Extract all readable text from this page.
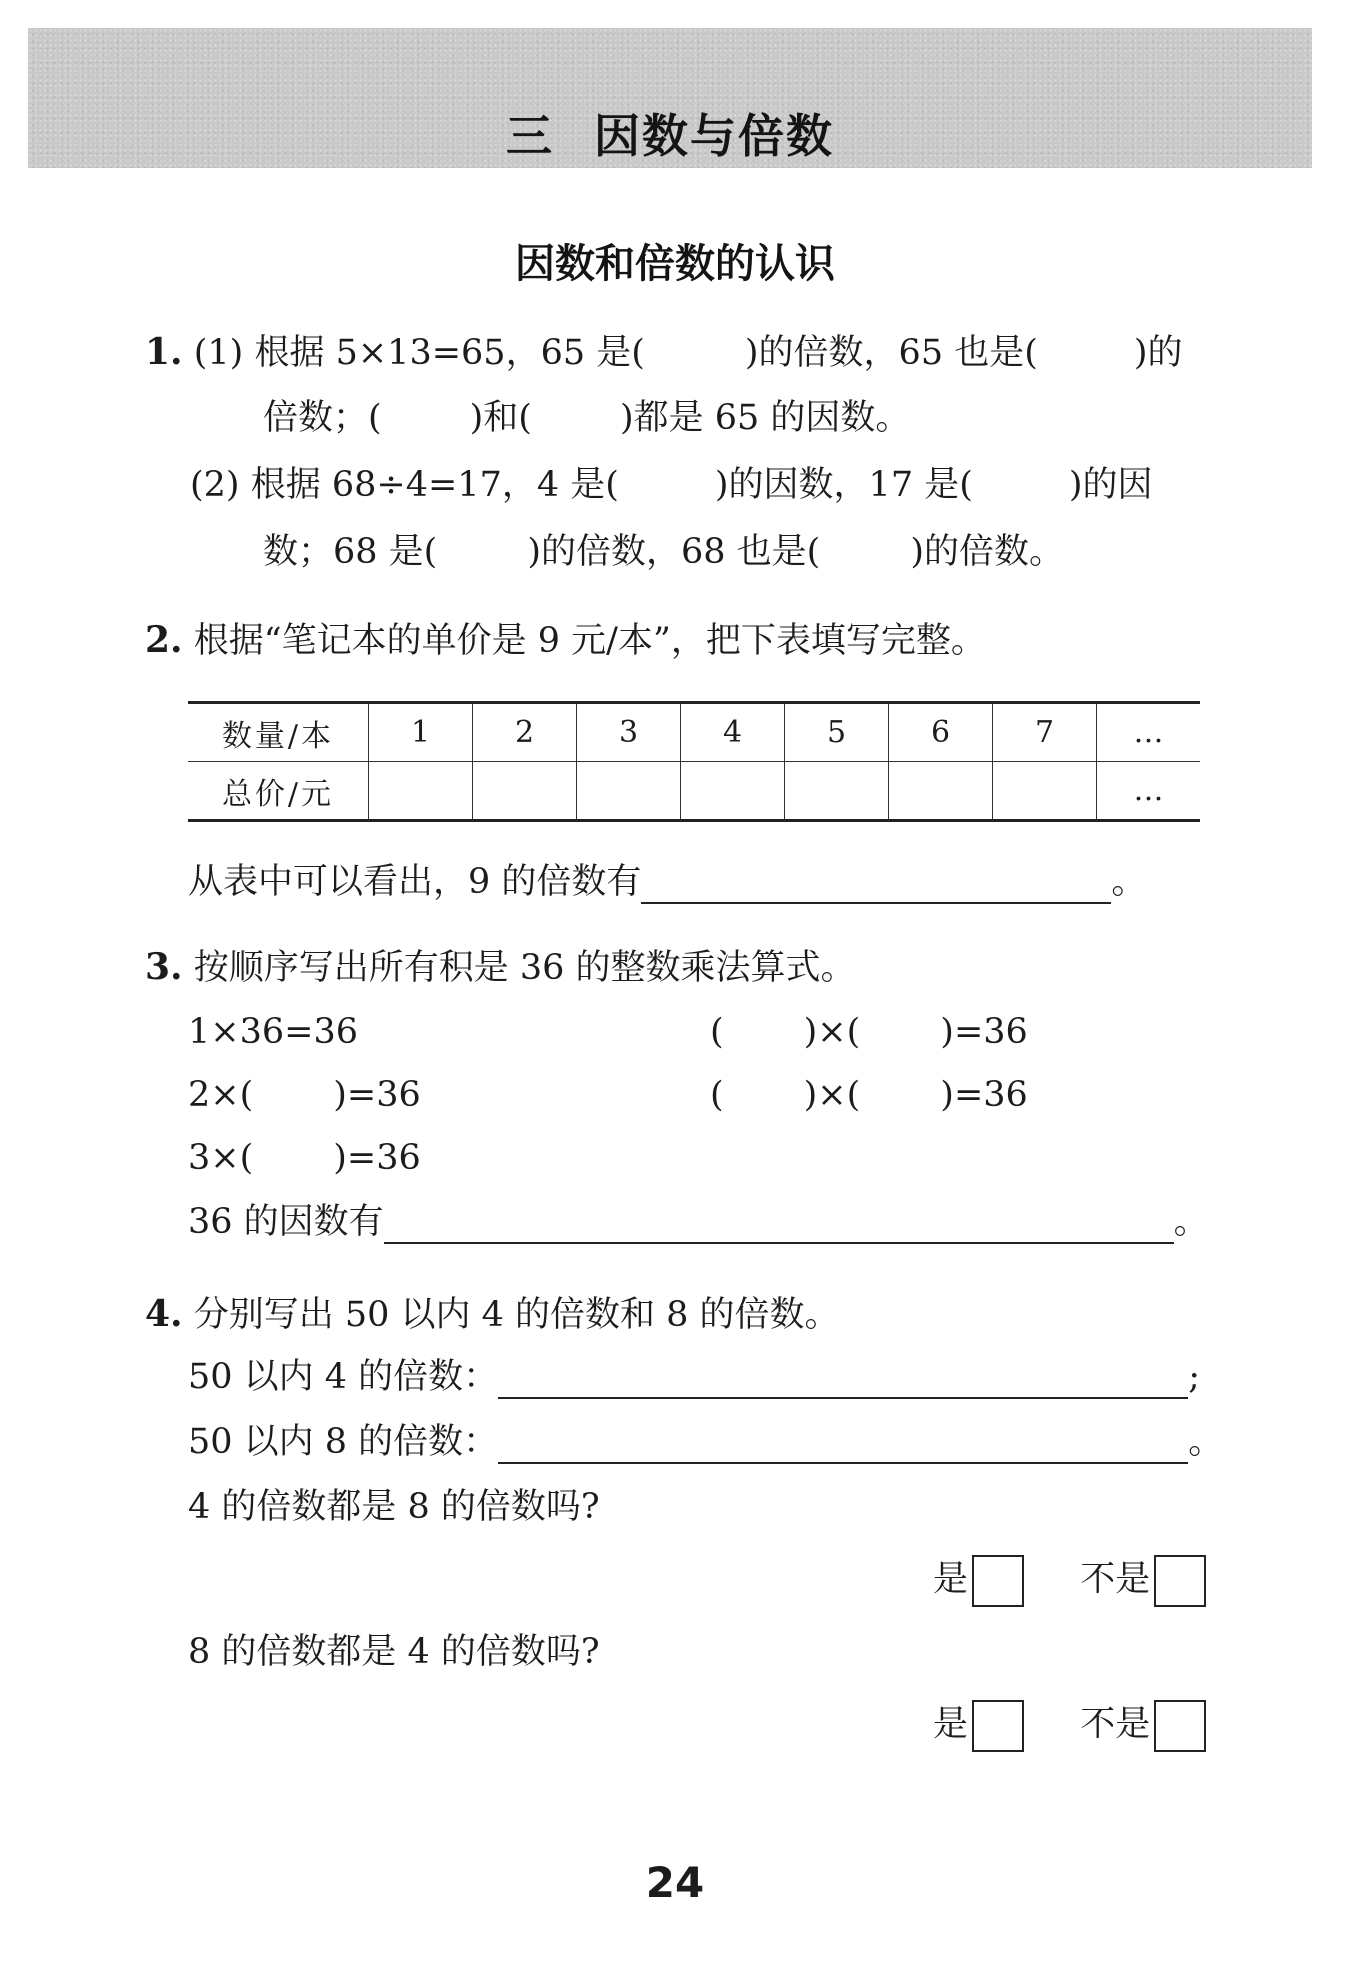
三 因数与倍数
因数和倍数的认识
1. (1) 根据 5×13=65，65 是(	)的倍数，65 也是(	)的
倍数；(	)和(	)都是 65 的因数。
(2) 根据 68÷4=17，4 是(	)的因数，17 是(	)的因
数；68 是(	)的倍数，68 也是(	)的倍数。
2. 根据“笔记本的单价是 9 元/本”，把下表填写完整。
数量/本	1	2	3	4	5	6	7	…
总价/元								…
从表中可以看出，9 的倍数有	。
3. 按顺序写出所有积是 36 的整数乘法算式。
1×36=36
2×( )=36
3×( )=36
( )×( )=36
( )×( )=36
36 的因数有	。
4. 分别写出 50 以内 4 的倍数和 8 的倍数。
50 以内 4 的倍数：	;
50 以内 8 的倍数：	。
4 的倍数都是 8 的倍数吗?
是	不是
8 的倍数都是 4 的倍数吗?
是	不是
24
